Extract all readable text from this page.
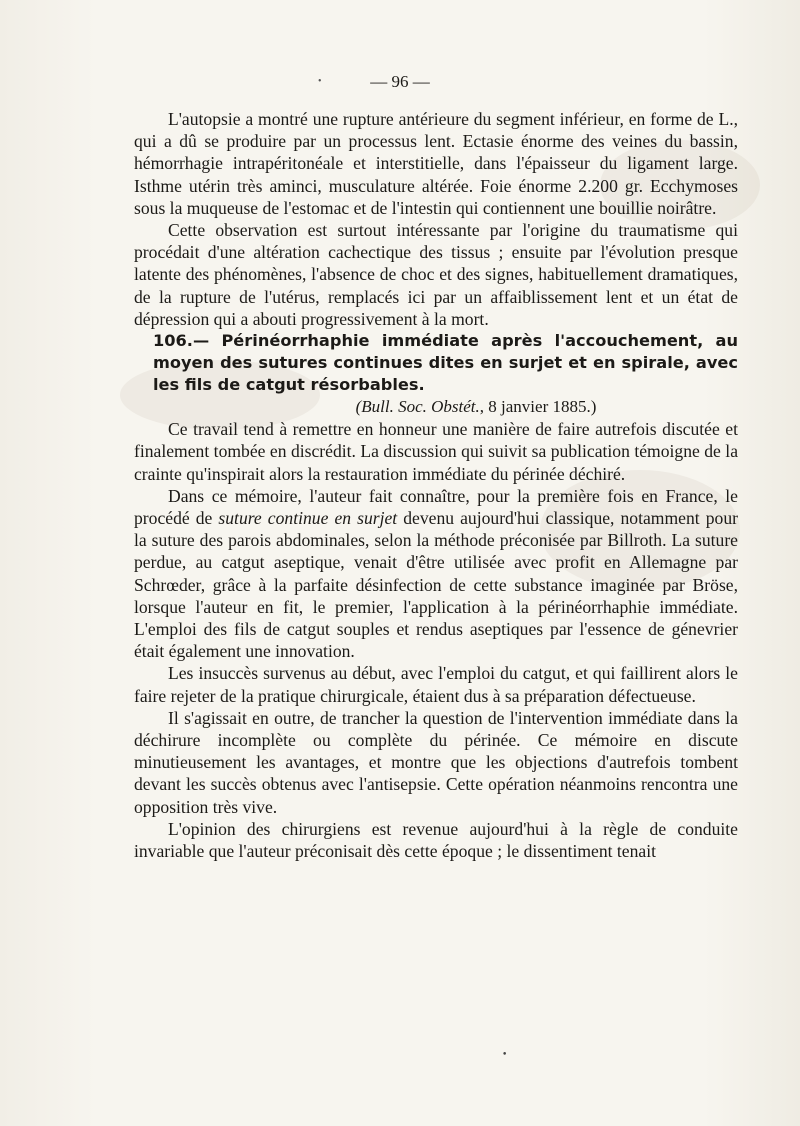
•	— 96 —

L'autopsie a montré une rupture antérieure du segment inférieur, en forme de L., qui a dû se produire par un processus lent. Ectasie énorme des veines du bassin, hémorrhagie intrapéritonéale et interstitielle, dans l'épaisseur du ligament large. Isthme utérin très aminci, musculature altérée. Foie énorme 2.200 gr. Ecchymoses sous la muqueuse de l'estomac et de l'intestin qui contiennent une bouillie noirâtre.

Cette observation est surtout intéressante par l'origine du traumatisme qui procédait d'une altération cachectique des tissus ; ensuite par l'évolution presque latente des phénomènes, l'absence de choc et des signes, habituellement dramatiques, de la rupture de l'utérus, remplacés ici par un affaiblissement lent et un état de dépression qui a abouti progressivement à la mort.

106.— Périnéorrhaphie immédiate après l'accouchement, au moyen des sutures continues dites en surjet et en spirale, avec les fils de catgut résorbables.

(Bull. Soc. Obstét., 8 janvier 1885.)

Ce travail tend à remettre en honneur une manière de faire autrefois discutée et finalement tombée en discrédit. La discussion qui suivit sa publication témoigne de la crainte qu'inspirait alors la restauration immédiate du périnée déchiré.

Dans ce mémoire, l'auteur fait connaître, pour la première fois en France, le procédé de suture continue en surjet devenu aujourd'hui classique, notamment pour la suture des parois abdominales, selon la méthode préconisée par Billroth. La suture perdue, au catgut aseptique, venait d'être utilisée avec profit en Allemagne par Schrœder, grâce à la parfaite désinfection de cette substance imaginée par Bröse, lorsque l'auteur en fit, le premier, l'application à la périnéorrhaphie immédiate. L'emploi des fils de catgut souples et rendus aseptiques par l'essence de génevrier était également une innovation.

Les insuccès survenus au début, avec l'emploi du catgut, et qui faillirent alors le faire rejeter de la pratique chirurgicale, étaient dus à sa préparation défectueuse.

Il s'agissait en outre, de trancher la question de l'intervention immédiate dans la déchirure incomplète ou complète du périnée. Ce mémoire en discute minutieusement les avantages, et montre que les objections d'autrefois tombent devant les succès obtenus avec l'antisepsie. Cette opération néanmoins rencontra une opposition très vive.

L'opinion des chirurgiens est revenue aujourd'hui à la règle de conduite invariable que l'auteur préconisait dès cette époque ; le dissentiment tenait

•
